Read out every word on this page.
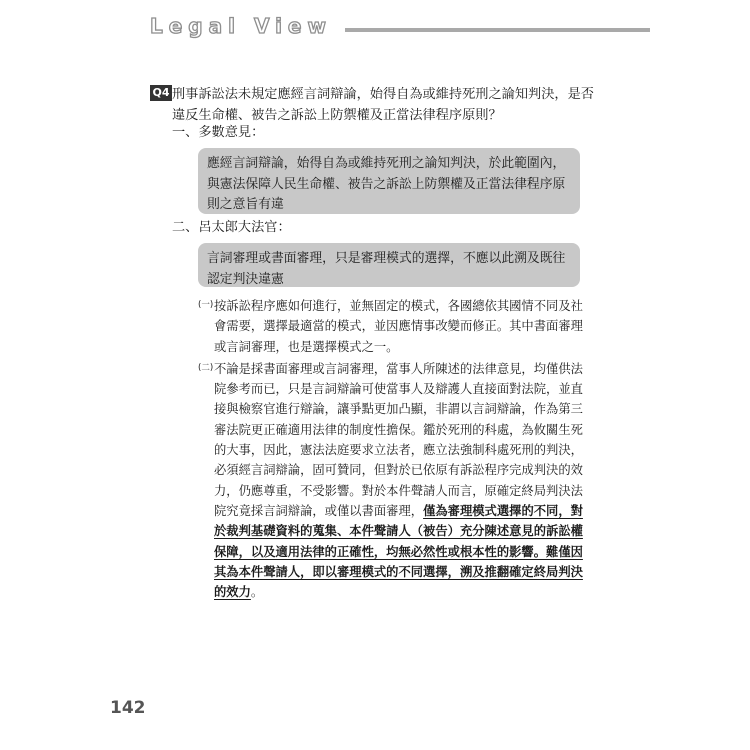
Legal View
Q4 刑事訴訟法未規定應經言詞辯論，始得自為或維持死刑之論知判決，是否違反生命權、被告之訴訟上防禦權及正當法律程序原則？
一、多數意見：
應經言詞辯論，始得自為或維持死刑之論知判決，於此範圍內，與憲法保障人民生命權、被告之訴訟上防禦權及正當法律程序原則之意旨有違
二、呂太郎大法官：
言詞審理或書面審理，只是審理模式的選擇，不應以此溯及既往認定判決違憲
(一) 按訴訟程序應如何進行，並無固定的模式，各國總依其國情不同及社會需要，選擇最適當的模式，並因應情事改變而修正。其中書面審理或言詞審理，也是選擇模式之一。
(二) 不論是採書面審理或言詞審理，當事人所陳述的法律意見，均僅供法院參考而已，只是言詞辯論可使當事人及辯護人直接面對法院，並直接與檢察官進行辯論，讓爭點更加凸顯，非謂以言詞辯論，作為第三審法院更正確適用法律的制度性擔保。鑑於死刑的科處，為攸關生死的大事，因此，憲法法庭要求立法者，應立法強制科處死刑的判決，必須經言詞辯論，固可贊同，但對於已依原有訴訟程序完成判決的效力，仍應尊重，不受影響。對於本件聲請人而言，原確定終局判決法院究竟採言詞辯論，或僅以書面審理，僅為審理模式選擇的不同，對於裁判基礎資料的蒐集、本件聲請人（被告）充分陳述意見的訴訟權保障，以及適用法律的正確性，均無必然性或根本性的影響。難僅因其為本件聲請人，即以審理模式的不同選擇，溯及推翻確定終局判決的效力。
142
